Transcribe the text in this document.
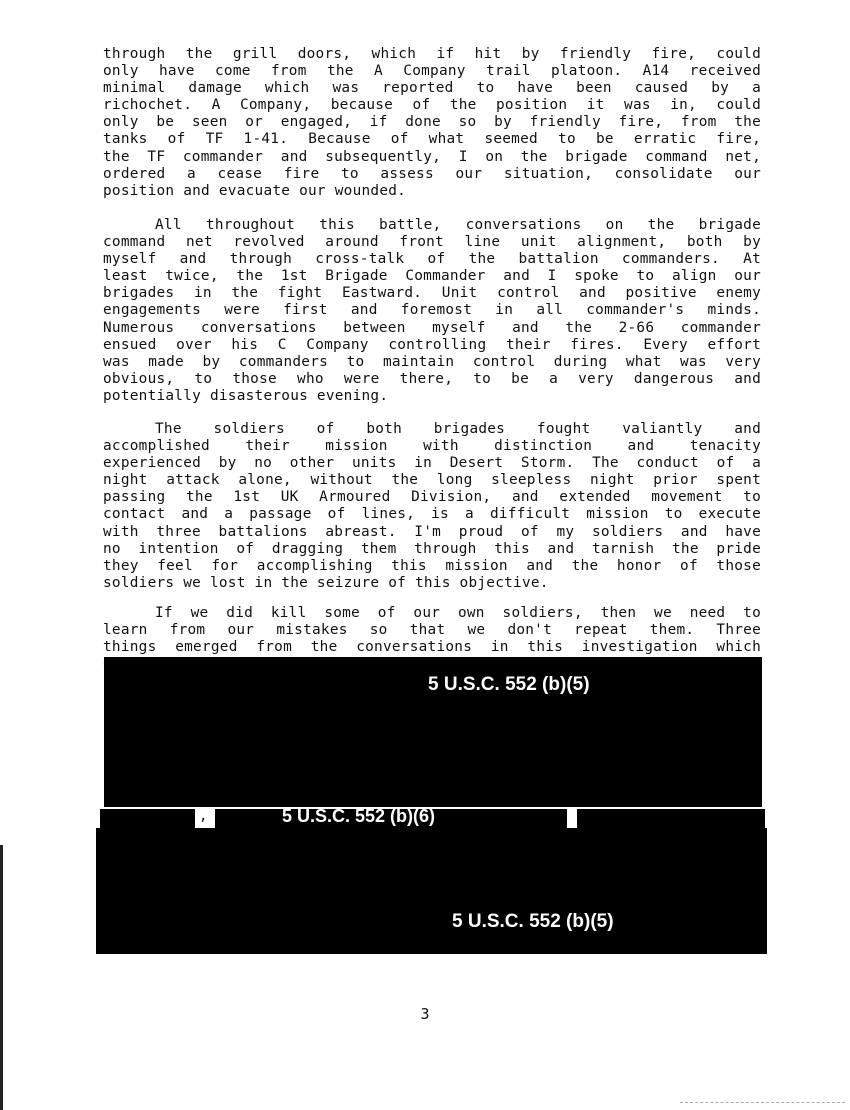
through the grill doors, which if hit by friendly fire, could
only have come from the A Company trail platoon. A14 received
minimal damage which was reported to have been caused by a
richochet. A Company, because of the position it was in, could
only be seen or engaged, if done so by friendly fire, from the
tanks of TF 1-41. Because of what seemed to be erratic fire,
the TF commander and subsequently, I on the brigade command net,
ordered a cease fire to assess our situation, consolidate our
position and evacuate our wounded.

All throughout this battle, conversations on the brigade
command net revolved around front line unit alignment, both by
myself and through cross-talk of the battalion commanders. At
least twice, the 1st Brigade Commander and I spoke to align our
brigades in the fight Eastward. Unit control and positive enemy
engagements were first and foremost in all commander's minds.
Numerous conversations between myself and the 2-66 commander
ensued over his C Company controlling their fires. Every effort
was made by commanders to maintain control during what was very
obvious, to those who were there, to be a very dangerous and
potentially disasterous evening.

The soldiers of both brigades fought valiantly and
accomplished their mission with distinction and tenacity
experienced by no other units in Desert Storm. The conduct of a
night attack alone, without the long sleepless night prior spent
passing the 1st UK Armoured Division, and extended movement to
contact and a passage of lines, is a difficult mission to execute
with three battalions abreast. I'm proud of my soldiers and have
no intention of dragging them through this and tarnish the pride
they feel for accomplishing this mission and the honor of those
soldiers we lost in the seizure of this objective.

If we did kill some of our own soldiers, then we need to
learn from our mistakes so that we don't repeat them. Three
things emerged from the conversations in this investigation which

5 U.S.C. 552 (b)(5)
,	5 U.S.C. 552 (b)(6)
5 U.S.C. 552 (b)(5)
3
